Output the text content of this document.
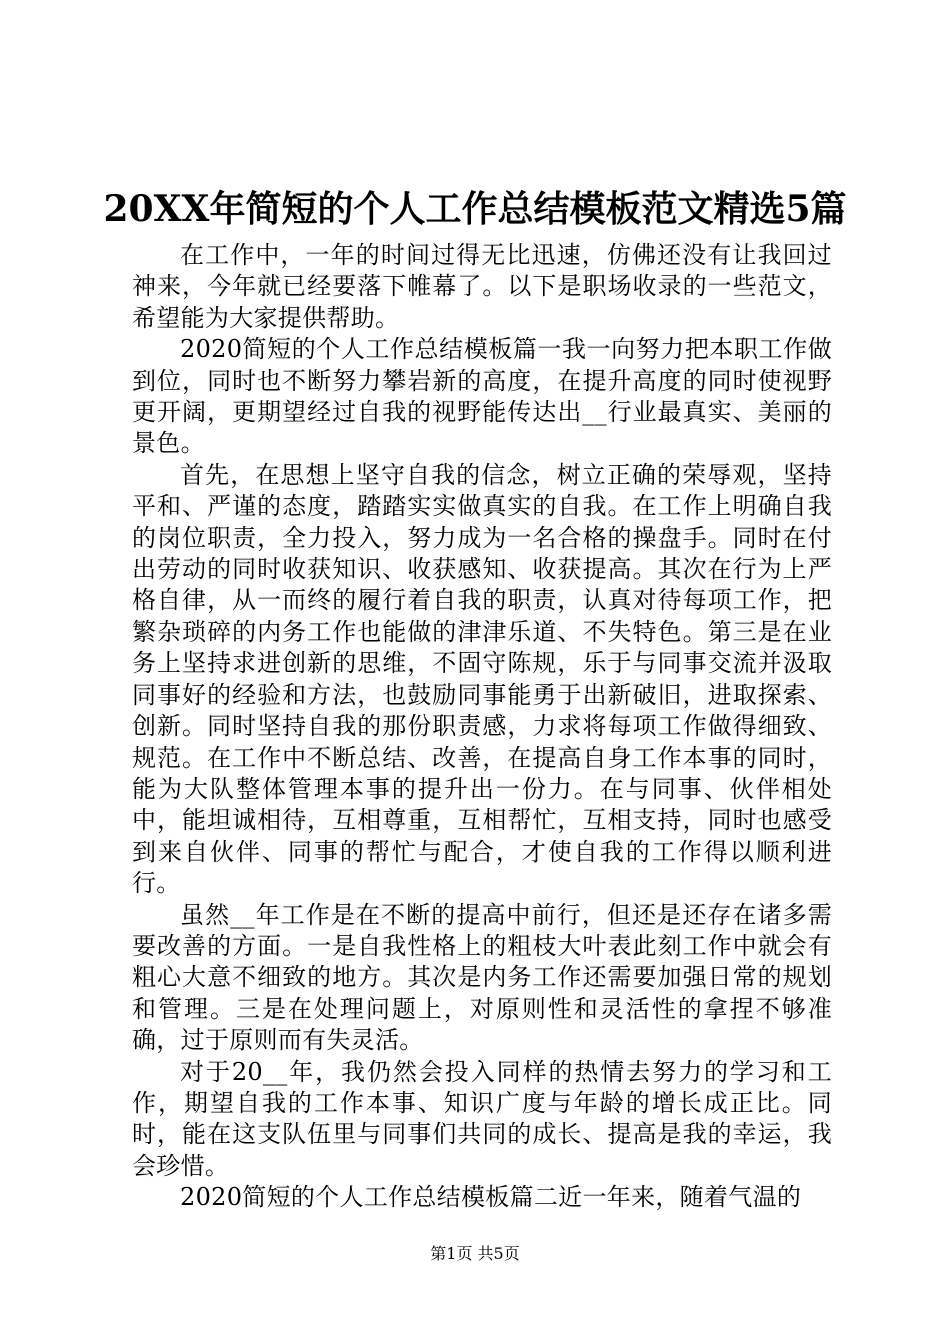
20XX年简短的个人工作总结模板范文精选5篇

在工作中，一年的时间过得无比迅速，仿佛还没有让我回过神来，今年就已经要落下帷幕了。以下是职场收录的一些范文，希望能为大家提供帮助。

2020简短的个人工作总结模板篇一我一向努力把本职工作做到位，同时也不断努力攀岩新的高度，在提升高度的同时使视野更开阔，更期望经过自我的视野能传达出__行业最真实、美丽的景色。

首先，在思想上坚守自我的信念，树立正确的荣辱观，坚持平和、严谨的态度，踏踏实实做真实的自我。在工作上明确自我的岗位职责，全力投入，努力成为一名合格的操盘手。同时在付出劳动的同时收获知识、收获感知、收获提高。其次在行为上严格自律，从一而终的履行着自我的职责，认真对待每项工作，把繁杂琐碎的内务工作也能做的津津乐道、不失特色。第三是在业务上坚持求进创新的思维，不固守陈规，乐于与同事交流并汲取同事好的经验和方法，也鼓励同事能勇于出新破旧，进取探索、创新。同时坚持自我的那份职责感，力求将每项工作做得细致、规范。在工作中不断总结、改善，在提高自身工作本事的同时，能为大队整体管理本事的提升出一份力。在与同事、伙伴相处中，能坦诚相待，互相尊重，互相帮忙，互相支持，同时也感受到来自伙伴、同事的帮忙与配合，才使自我的工作得以顺利进行。

虽然__年工作是在不断的提高中前行，但还是还存在诸多需要改善的方面。一是自我性格上的粗枝大叶表此刻工作中就会有粗心大意不细致的地方。其次是内务工作还需要加强日常的规划和管理。三是在处理问题上，对原则性和灵活性的拿捏不够准确，过于原则而有失灵活。

对于20__年，我仍然会投入同样的热情去努力的学习和工作，期望自我的工作本事、知识广度与年龄的增长成正比。同时，能在这支队伍里与同事们共同的成长、提高是我的幸运，我会珍惜。

2020简短的个人工作总结模板篇二近一年来，随着气温的

第1页 共5页
